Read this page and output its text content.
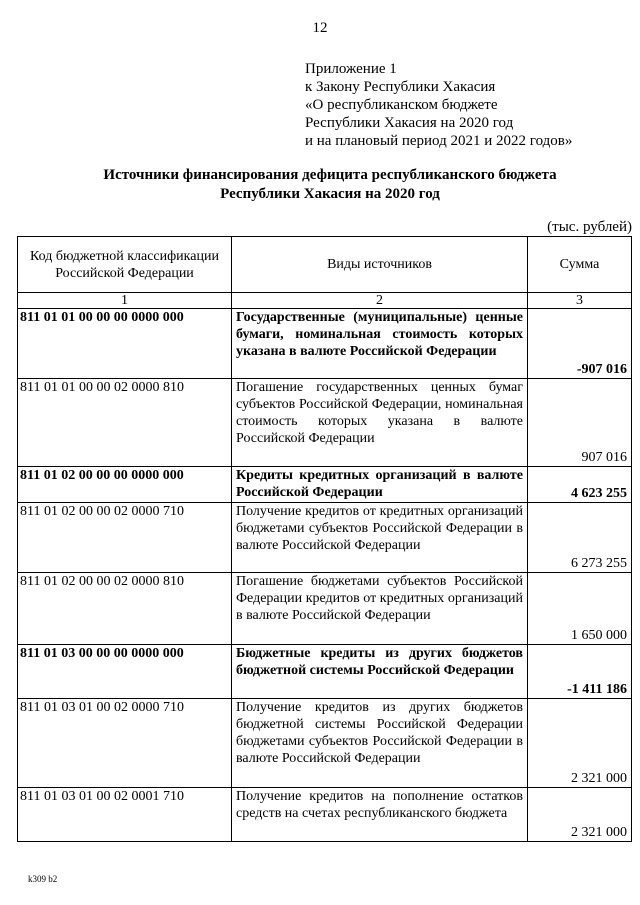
12
Приложение 1
к Закону Республики Хакасия
«О республиканском бюджете
Республики Хакасия на 2020 год
и на плановый период 2021 и 2022 годов»
Источники финансирования дефицита республиканского бюджета
Республики Хакасия на 2020 год
(тыс. рублей)
Код бюджетной классификации Российской Федерации	Виды источников	Сумма
1	2	3
811 01 01 00 00 00 0000 000	Государственные (муниципальные) ценные бумаги, номинальная стоимость которых указана в валюте Российской Федерации	-907 016
811 01 01 00 00 02 0000 810	Погашение государственных ценных бумаг субъектов Российской Федерации, номинальная стоимость которых указана в валюте Российской Федерации	907 016
811 01 02 00 00 00 0000 000	Кредиты кредитных организаций в валюте Российской Федерации	4 623 255
811 01 02 00 00 02 0000 710	Получение кредитов от кредитных организаций бюджетами субъектов Российской Федерации в валюте Российской Федерации	6 273 255
811 01 02 00 00 02 0000 810	Погашение бюджетами субъектов Российской Федерации кредитов от кредитных организаций в валюте Российской Федерации	1 650 000
811 01 03 00 00 00 0000 000	Бюджетные кредиты из других бюджетов бюджетной системы Российской Федерации	-1 411 186
811 01 03 01 00 02 0000 710	Получение кредитов из других бюджетов бюджетной системы Российской Федерации бюджетами субъектов Российской Федерации в валюте Российской Федерации	2 321 000
811 01 03 01 00 02 0001 710	Получение кредитов на пополнение остатков средств на счетах республиканского бюджета	2 321 000
k309 b2
